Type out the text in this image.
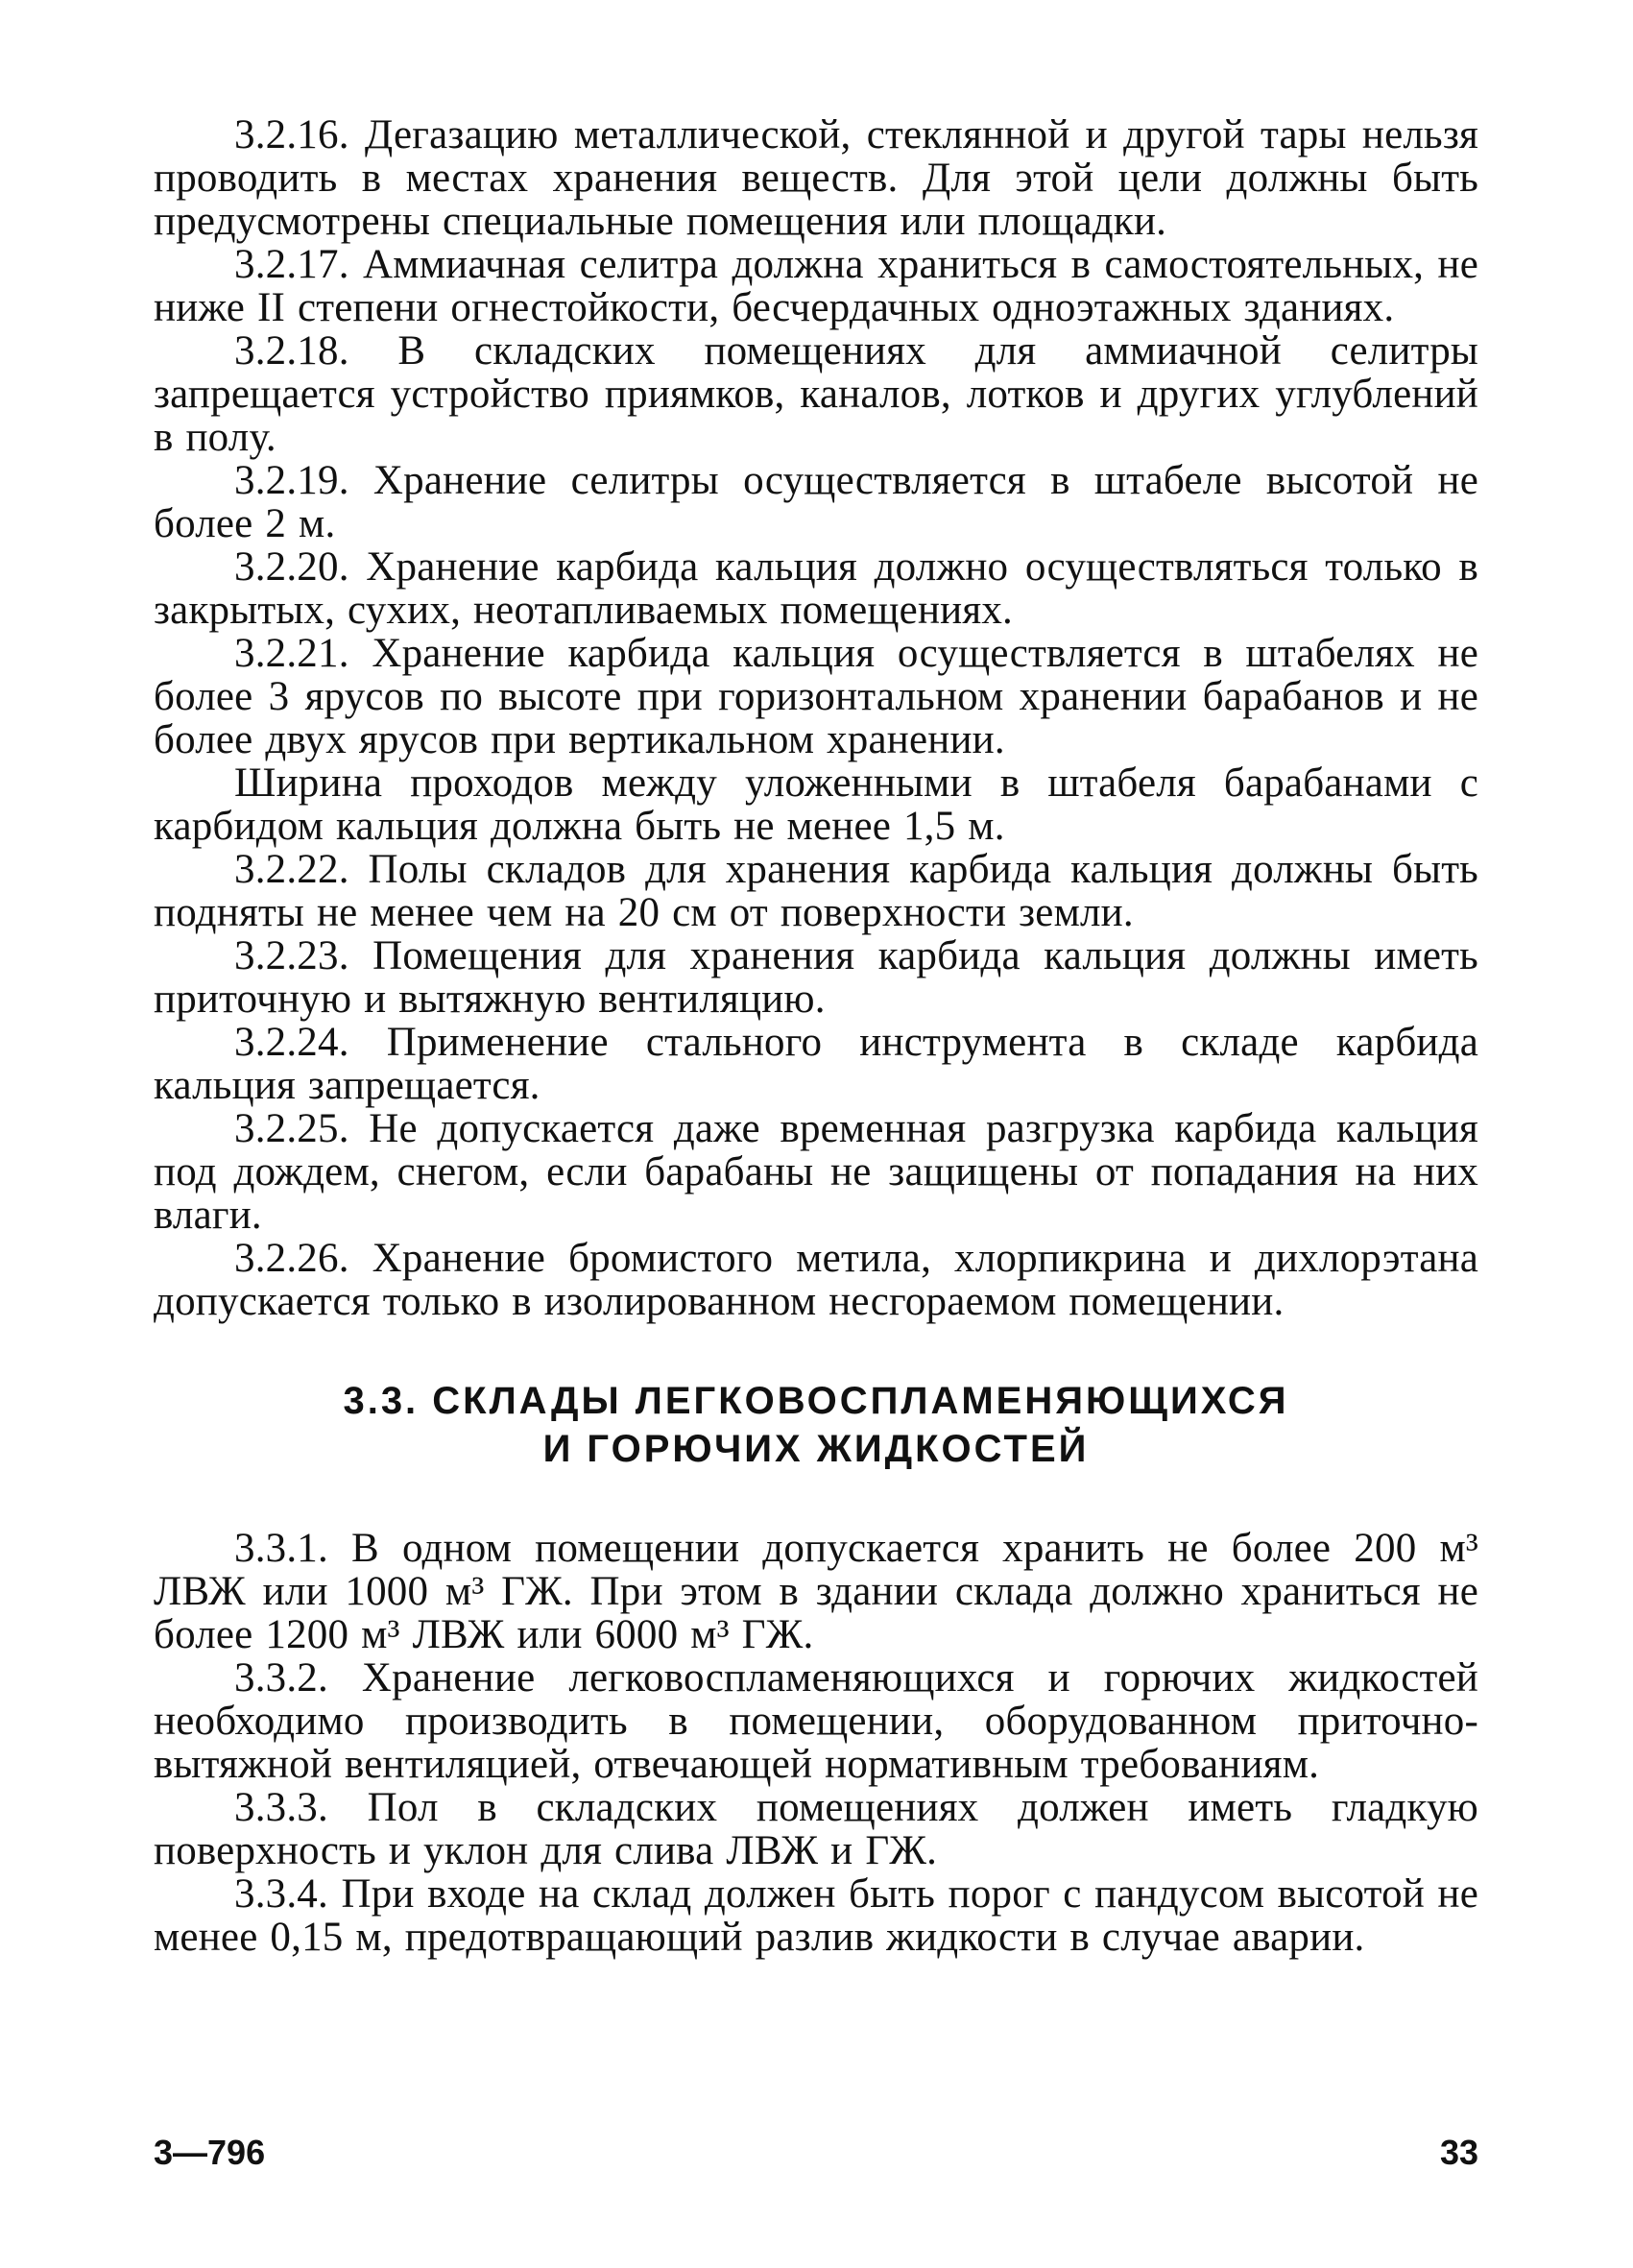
3.2.16. Дегазацию металлической, стеклянной и другой тары нельзя проводить в местах хранения веществ. Для этой цели должны быть предусмотрены специальные помещения или площадки.

3.2.17. Аммиачная селитра должна храниться в самостоятельных, не ниже II степени огнестойкости, бесчердачных одноэтажных зданиях.

3.2.18. В складских помещениях для аммиачной селитры запрещается устройство приямков, каналов, лотков и других углублений в полу.

3.2.19. Хранение селитры осуществляется в штабеле высотой не более 2 м.

3.2.20. Хранение карбида кальция должно осуществляться только в закрытых, сухих, неотапливаемых помещениях.

3.2.21. Хранение карбида кальция осуществляется в штабелях не более 3 ярусов по высоте при горизонтальном хранении барабанов и не более двух ярусов при вертикальном хранении.

Ширина проходов между уложенными в штабеля барабанами с карбидом кальция должна быть не менее 1,5 м.

3.2.22. Полы складов для хранения карбида кальция должны быть подняты не менее чем на 20 см от поверхности земли.

3.2.23. Помещения для хранения карбида кальция должны иметь приточную и вытяжную вентиляцию.

3.2.24. Применение стального инструмента в складе карбида кальция запрещается.

3.2.25. Не допускается даже временная разгрузка карбида кальция под дождем, снегом, если барабаны не защищены от попадания на них влаги.

3.2.26. Хранение бромистого метила, хлорпикрина и дихлорэтана допускается только в изолированном несгораемом помещении.

3.3. СКЛАДЫ ЛЕГКОВОСПЛАМЕНЯЮЩИХСЯ
И ГОРЮЧИХ ЖИДКОСТЕЙ

3.3.1. В одном помещении допускается хранить не более 200 м³ ЛВЖ или 1000 м³ ГЖ. При этом в здании склада должно храниться не более 1200 м³ ЛВЖ или 6000 м³ ГЖ.

3.3.2. Хранение легковоспламеняющихся и горючих жидкостей необходимо производить в помещении, оборудованном приточно-вытяжной вентиляцией, отвечающей нормативным требованиям.

3.3.3. Пол в складских помещениях должен иметь гладкую поверхность и уклон для слива ЛВЖ и ГЖ.

3.3.4. При входе на склад должен быть порог с пандусом высотой не менее 0,15 м, предотвращающий разлив жидкости в случае аварии.

3—796	33
